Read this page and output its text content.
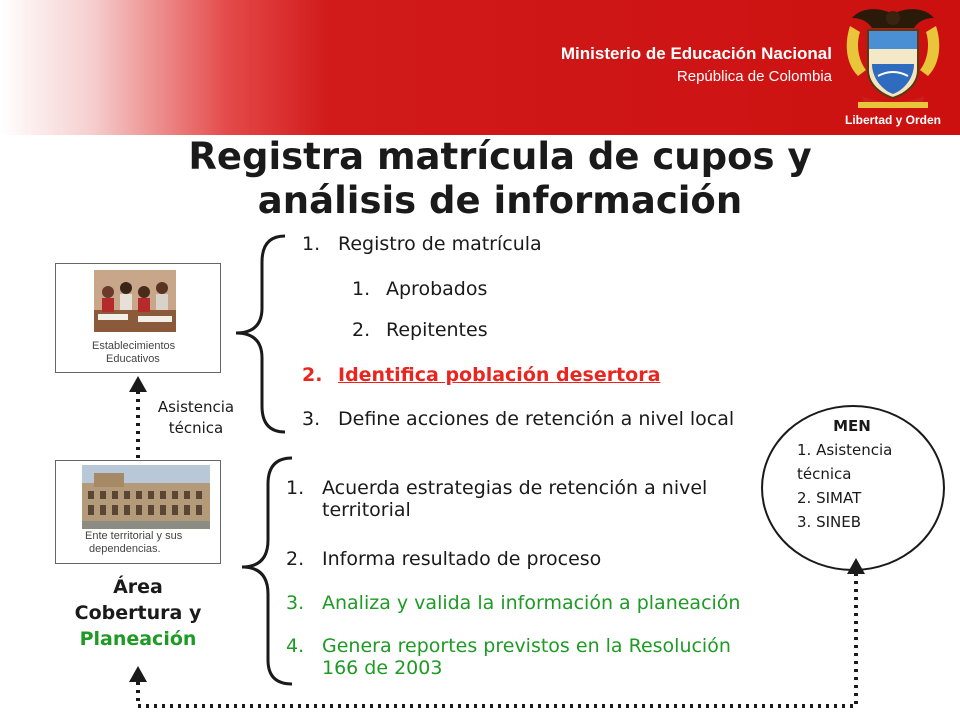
Ministerio de Educación Nacional
República de Colombia
Libertad y Orden
Registra matrícula de cupos y
análisis de información
Establecimientos
Educativos
Asistencia
técnica
Ente territorial y sus
dependencias.
Área
Cobertura y
Planeación
1. Registro de matrícula
1. Aprobados
2. Repitentes
2. Identifica población desertora
3. Define acciones de retención a nivel local
1. Acuerda estrategias de retención a nivel
territorial
2. Informa resultado de proceso
3. Analiza y valida la información a planeación
4. Genera reportes previstos en la Resolución
166 de 2003
MEN
1. Asistencia
técnica
2. SIMAT
3. SINEB
